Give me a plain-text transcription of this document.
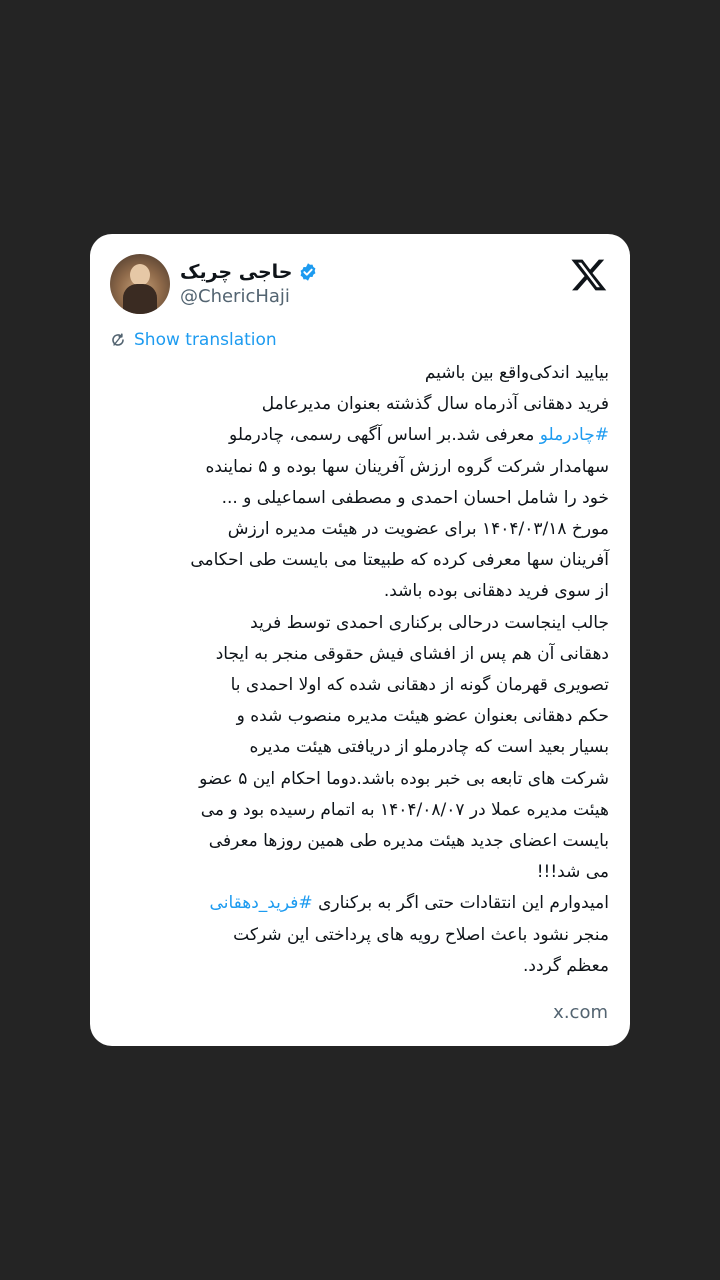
حاجی چریک
@ChericHaji
Show translation
بیایید اندکی‌واقع بین باشیم
فرید دهقانی آذرماه سال گذشته بعنوان مدیرعامل
#چادرملو معرفی شد.بر اساس آگهی رسمی، چادرملو
سهامدار شرکت گروه ارزش آفرینان سها بوده و ۵ نماینده
خود را شامل احسان احمدی و مصطفی اسماعیلی و ...
مورخ ۱۴۰۴/۰۳/۱۸ برای عضویت در هیئت مدیره ارزش
آفرینان سها معرفی کرده که طبیعتا می بایست طی احکامی
از سوی فرید دهقانی بوده باشد.
جالب اینجاست درحالی برکناری احمدی توسط فرید
دهقانی آن هم پس از افشای فیش حقوقی منجر به ایجاد
تصویری قهرمان گونه از دهقانی شده که اولا احمدی با
حکم دهقانی بعنوان عضو هیئت مدیره منصوب شده و
بسیار بعید است که چادرملو از دریافتی هیئت مدیره
شرکت های تابعه بی خبر بوده باشد.دوما احکام این ۵ عضو
هیئت مدیره عملا در ۱۴۰۴/۰۸/۰۷ به اتمام رسیده بود و می
بایست اعضای جدید هیئت مدیره طی همین روزها معرفی
می شد!!!
امیدوارم این انتقادات حتی اگر به برکناری #فرید_دهقانی
منجر نشود باعث اصلاح رویه های پرداختی این شرکت
معظم گردد.
x.com
